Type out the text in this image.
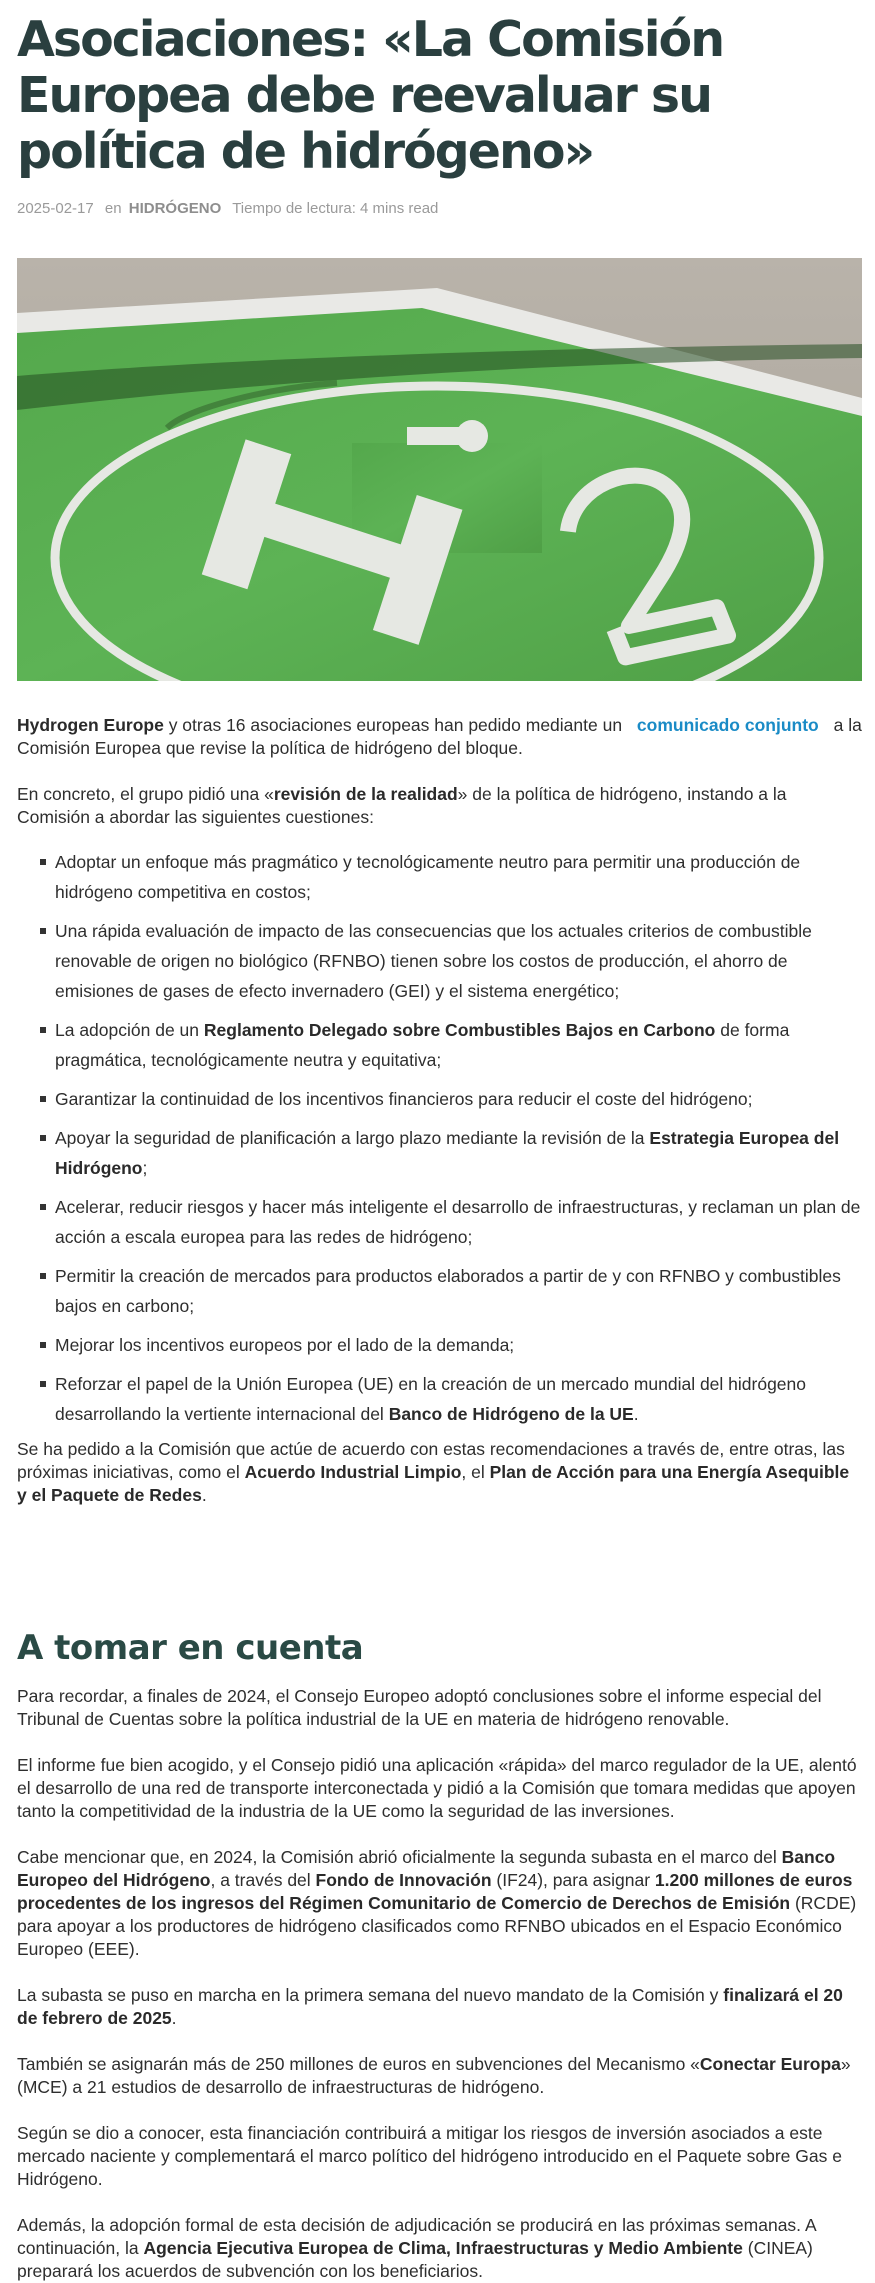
Asociaciones: «La Comisión Europea debe reevaluar su política de hidrógeno»
2025-02-17 en HIDRÓGENO Tiempo de lectura: 4 mins read

Hydrogen Europe y otras 16 asociaciones europeas han pedido mediante un comunicado conjunto a la Comisión Europea que revise la política de hidrógeno del bloque.

En concreto, el grupo pidió una «revisión de la realidad» de la política de hidrógeno, instando a la Comisión a abordar las siguientes cuestiones:

Adoptar un enfoque más pragmático y tecnológicamente neutro para permitir una producción de hidrógeno competitiva en costos;
Una rápida evaluación de impacto de las consecuencias que los actuales criterios de combustible renovable de origen no biológico (RFNBO) tienen sobre los costos de producción, el ahorro de emisiones de gases de efecto invernadero (GEI) y el sistema energético;
La adopción de un Reglamento Delegado sobre Combustibles Bajos en Carbono de forma pragmática, tecnológicamente neutra y equitativa;
Garantizar la continuidad de los incentivos financieros para reducir el coste del hidrógeno;
Apoyar la seguridad de planificación a largo plazo mediante la revisión de la Estrategia Europea del Hidrógeno;
Acelerar, reducir riesgos y hacer más inteligente el desarrollo de infraestructuras, y reclaman un plan de acción a escala europea para las redes de hidrógeno;
Permitir la creación de mercados para productos elaborados a partir de y con RFNBO y combustibles bajos en carbono;
Mejorar los incentivos europeos por el lado de la demanda;
Reforzar el papel de la Unión Europea (UE) en la creación de un mercado mundial del hidrógeno desarrollando la vertiente internacional del Banco de Hidrógeno de la UE.

Se ha pedido a la Comisión que actúe de acuerdo con estas recomendaciones a través de, entre otras, las próximas iniciativas, como el Acuerdo Industrial Limpio, el Plan de Acción para una Energía Asequible y el Paquete de Redes.

A tomar en cuenta

Para recordar, a finales de 2024, el Consejo Europeo adoptó conclusiones sobre el informe especial del Tribunal de Cuentas sobre la política industrial de la UE en materia de hidrógeno renovable.

El informe fue bien acogido, y el Consejo pidió una aplicación «rápida» del marco regulador de la UE, alentó el desarrollo de una red de transporte interconectada y pidió a la Comisión que tomara medidas que apoyen tanto la competitividad de la industria de la UE como la seguridad de las inversiones.

Cabe mencionar que, en 2024, la Comisión abrió oficialmente la segunda subasta en el marco del Banco Europeo del Hidrógeno, a través del Fondo de Innovación (IF24), para asignar 1.200 millones de euros procedentes de los ingresos del Régimen Comunitario de Comercio de Derechos de Emisión (RCDE) para apoyar a los productores de hidrógeno clasificados como RFNBO ubicados en el Espacio Económico Europeo (EEE).

La subasta se puso en marcha en la primera semana del nuevo mandato de la Comisión y finalizará el 20 de febrero de 2025.

También se asignarán más de 250 millones de euros en subvenciones del Mecanismo «Conectar Europa» (MCE) a 21 estudios de desarrollo de infraestructuras de hidrógeno.

Según se dio a conocer, esta financiación contribuirá a mitigar los riesgos de inversión asociados a este mercado naciente y complementará el marco político del hidrógeno introducido en el Paquete sobre Gas e Hidrógeno.

Además, la adopción formal de esta decisión de adjudicación se producirá en las próximas semanas. A continuación, la Agencia Ejecutiva Europea de Clima, Infraestructuras y Medio Ambiente (CINEA) preparará los acuerdos de subvención con los beneficiarios.
